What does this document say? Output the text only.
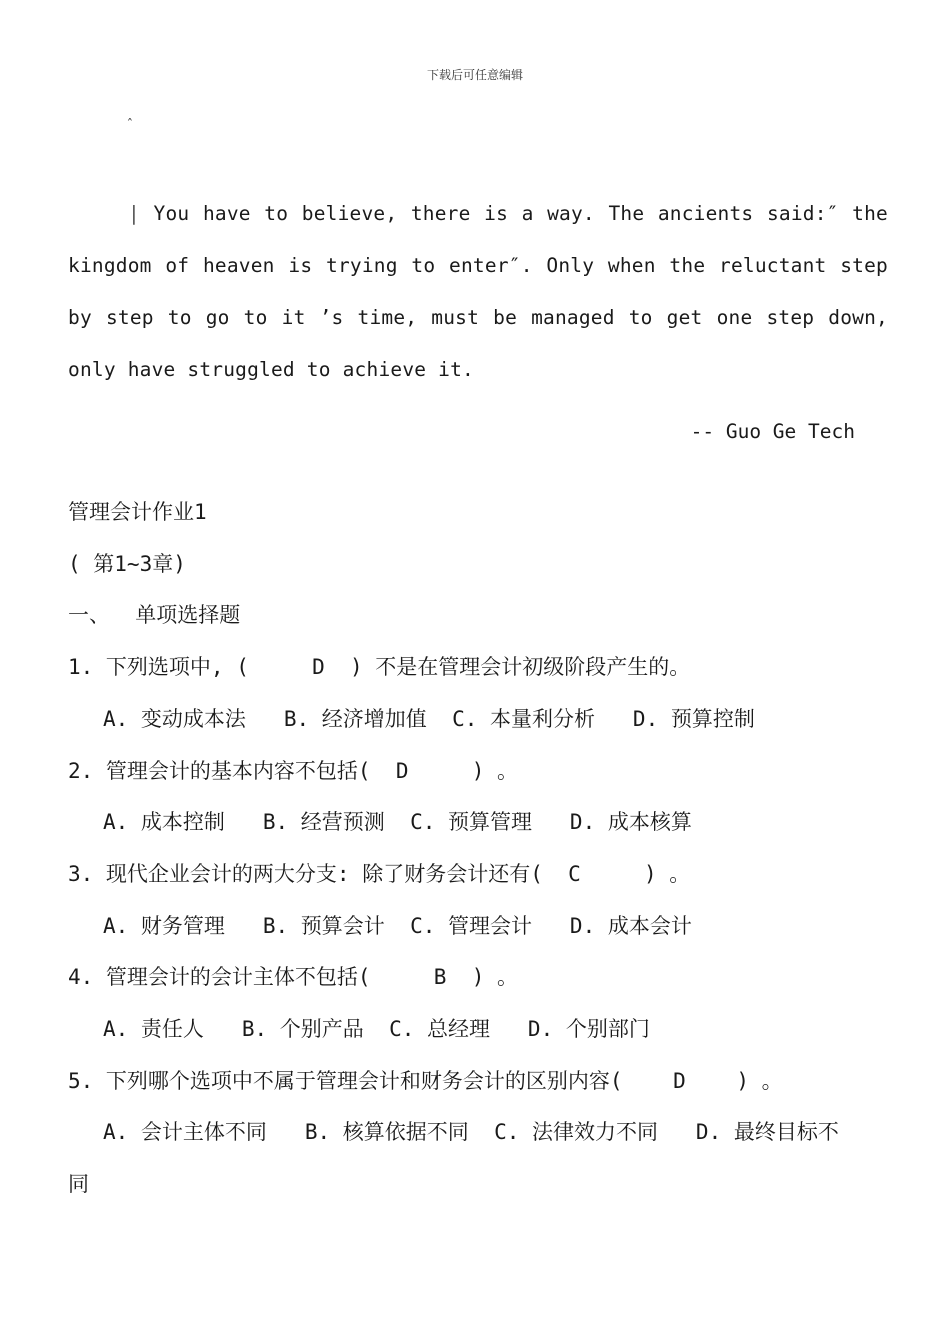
下载后可任意编辑
ˆ
| You have to believe, there is a way. The ancients said:″ the kingdom of heaven is trying to enter″. Only when the reluctant step by step to go to it ’s time, must be managed to get one step down, only have struggled to achieve it.
-- Guo Ge Tech
管理会计作业1
( 第1~3章)
一、  单项选择题
1. 下列选项中, (     D  ) 不是在管理会计初级阶段产生的。
A. 变动成本法   B. 经济增加值  C. 本量利分析   D. 预算控制
2. 管理会计的基本内容不包括(  D     ) 。
A. 成本控制   B. 经营预测  C. 预算管理   D. 成本核算
3. 现代企业会计的两大分支: 除了财务会计还有(  C     ) 。
A. 财务管理   B. 预算会计  C. 管理会计   D. 成本会计
4. 管理会计的会计主体不包括(     B  ) 。
A. 责任人   B. 个别产品  C. 总经理   D. 个别部门
5. 下列哪个选项中不属于管理会计和财务会计的区别内容(    D    ) 。
A. 会计主体不同   B. 核算依据不同  C. 法律效力不同   D. 最终目标不
同
